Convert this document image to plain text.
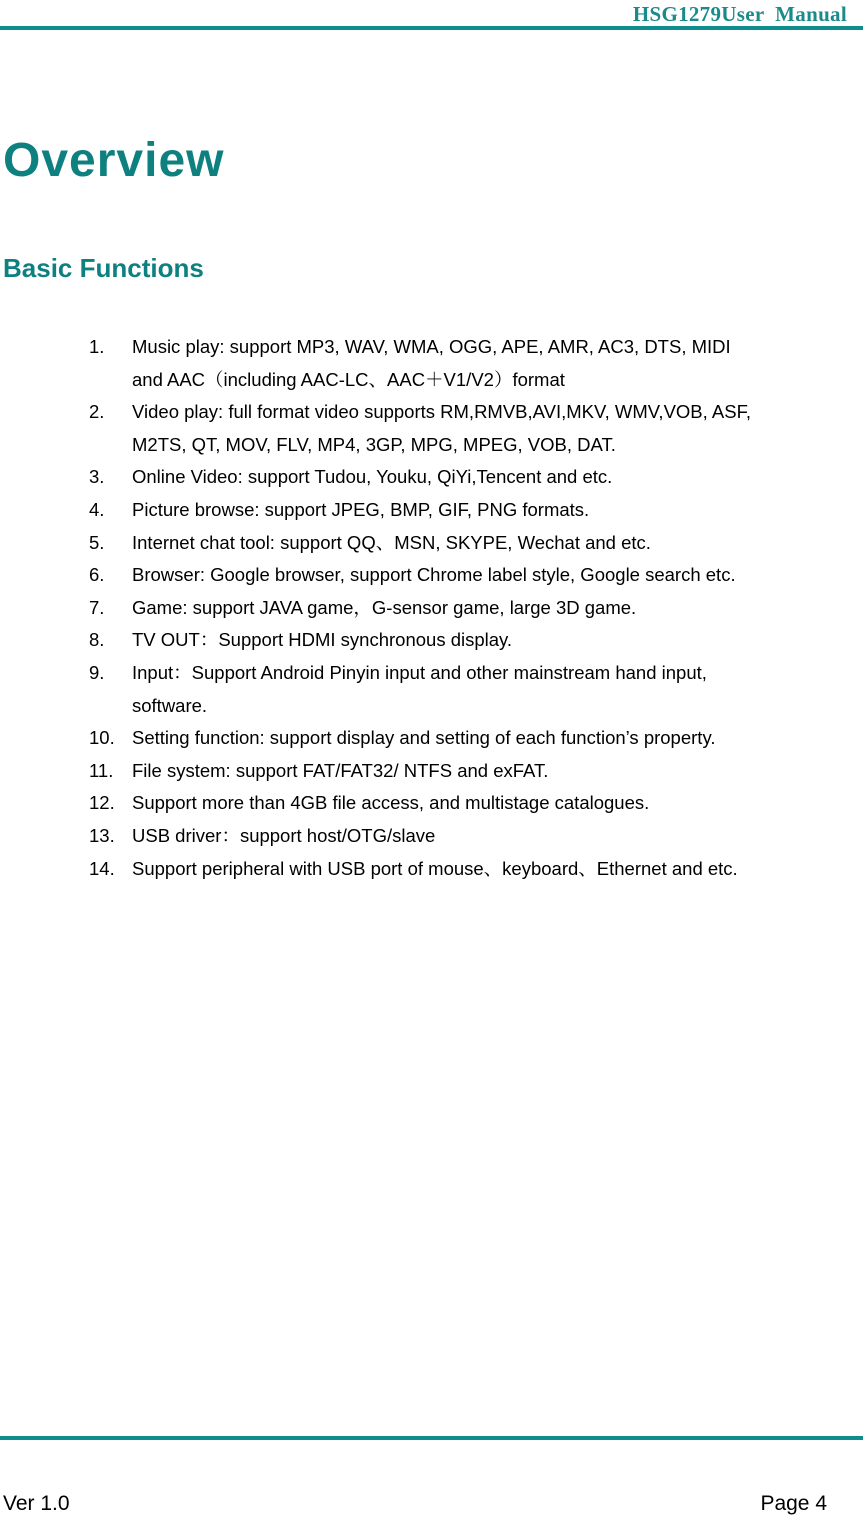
HSG1279User  Manual
Overview
Basic Functions
1.	Music play: support MP3, WAV, WMA, OGG, APE, AMR, AC3, DTS, MIDI

and AAC（including AAC-LC、AAC＋V1/V2）format
2.	Video play: full format video supports RM,RMVB,AVI,MKV, WMV,VOB, ASF,

M2TS, QT, MOV, FLV, MP4, 3GP, MPG, MPEG, VOB, DAT.
3.	Online Video: support Tudou, Youku, QiYi,Tencent and etc.

4.	Picture browse: support JPEG, BMP, GIF, PNG formats.

5.	Internet chat tool: support QQ、MSN, SKYPE, Wechat and etc.

6.	Browser: Google browser, support Chrome label style, Google search etc.

7.	Game: support JAVA game，G-sensor game, large 3D game.

8.	TV OUT：Support HDMI synchronous display.

9.	Input：Support Android Pinyin input and other mainstream hand input,

software.
10. Setting function: support display and setting of each function’s property.

11.	File system: support FAT/FAT32/ NTFS and exFAT.

12. Support more than 4GB file access, and multistage catalogues.

13. USB driver：support host/OTG/slave

14. Support peripheral with USB port of mouse、keyboard、Ethernet and etc.

Ver 1.0	Page 4
